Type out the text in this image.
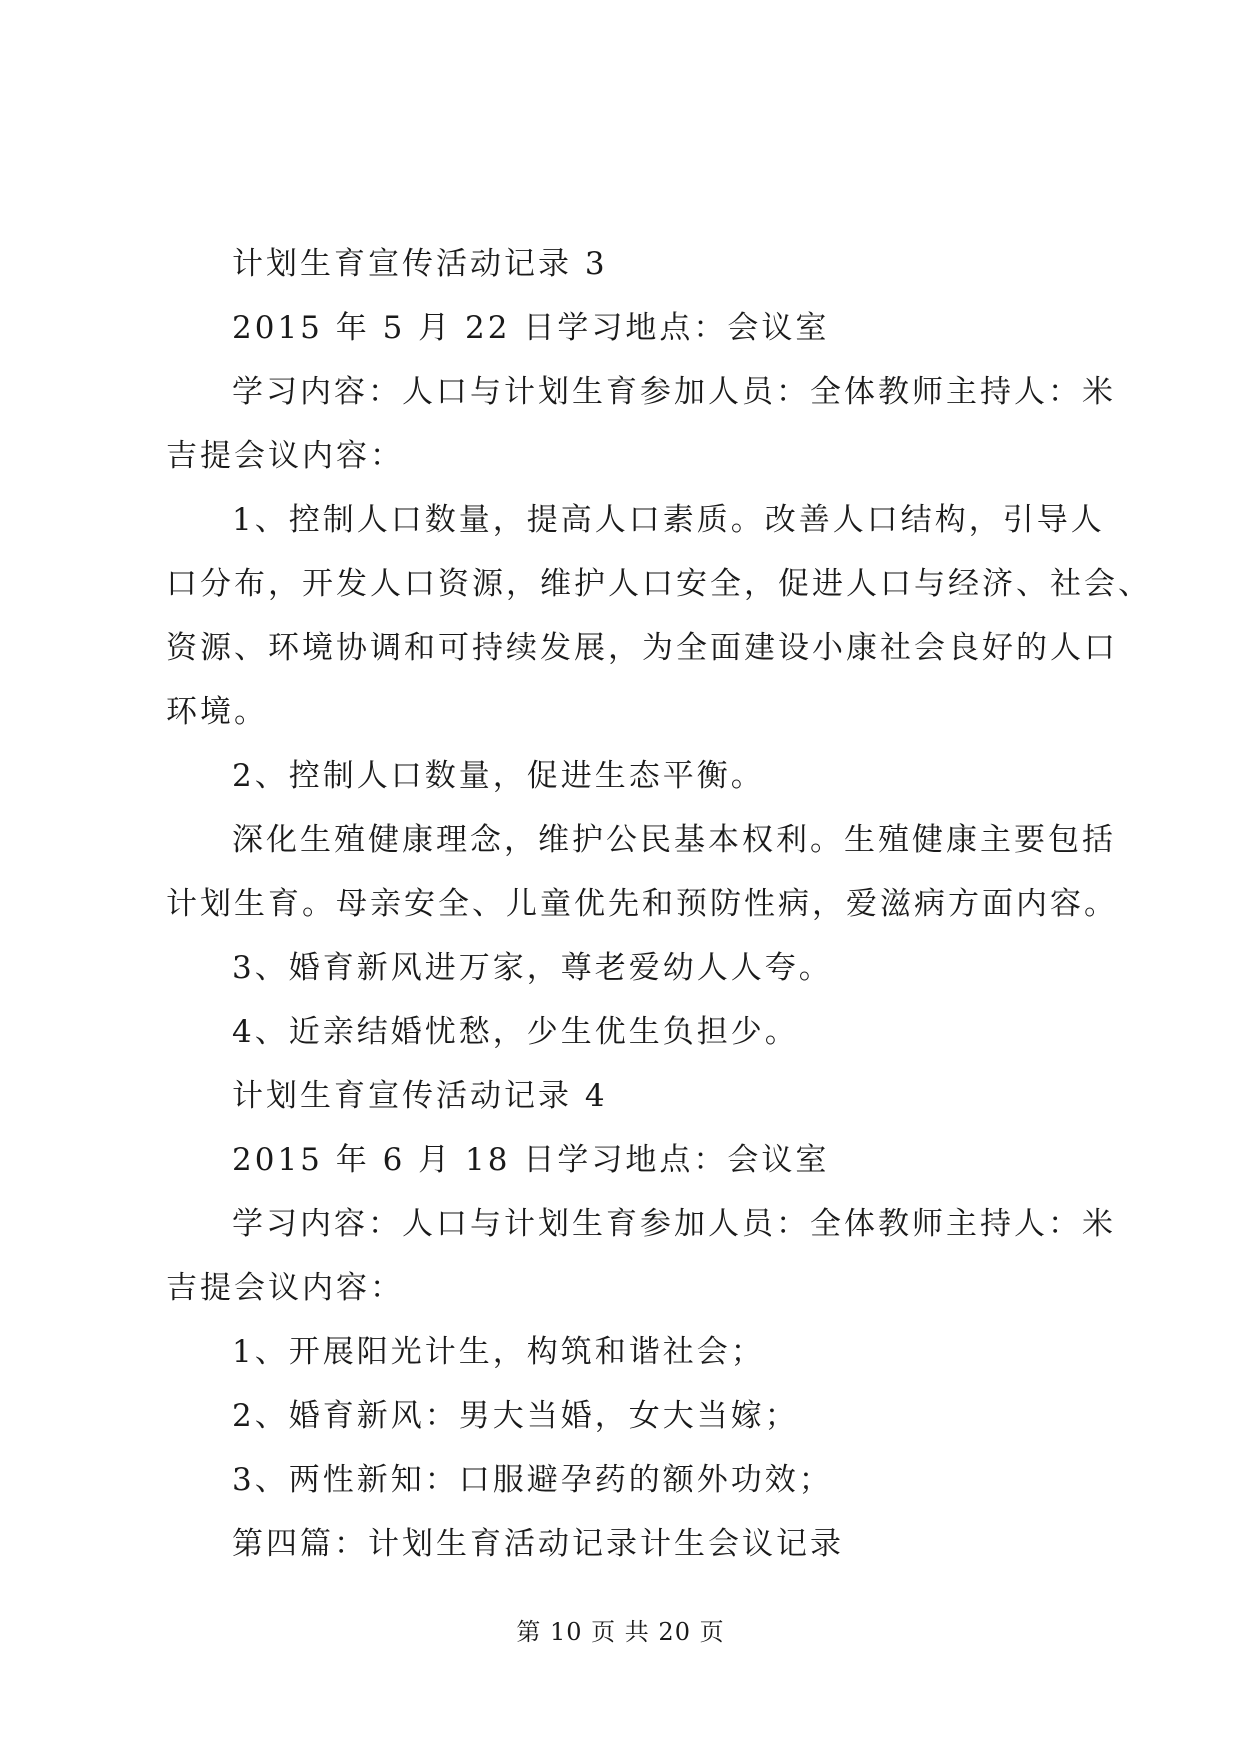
计划生育宣传活动记录 3
2015 年 5 月 22 日学习地点：会议室
学习内容：人口与计划生育参加人员：全体教师主持人：米
吉提会议内容：
1、控制人口数量，提高人口素质。改善人口结构，引导人
口分布，开发人口资源，维护人口安全，促进人口与经济、社会、
资源、环境协调和可持续发展，为全面建设小康社会良好的人口
环境。
2、控制人口数量，促进生态平衡。
深化生殖健康理念，维护公民基本权利。生殖健康主要包括
计划生育。母亲安全、儿童优先和预防性病，爱滋病方面内容。
3、婚育新风进万家，尊老爱幼人人夸。
4、近亲结婚忧愁，少生优生负担少。
计划生育宣传活动记录 4
2015 年 6 月 18 日学习地点：会议室
学习内容：人口与计划生育参加人员：全体教师主持人：米
吉提会议内容：
1、开展阳光计生，构筑和谐社会；
2、婚育新风：男大当婚，女大当嫁；
3、两性新知：口服避孕药的额外功效；
第四篇：计划生育活动记录计生会议记录
第 10 页 共 20 页
